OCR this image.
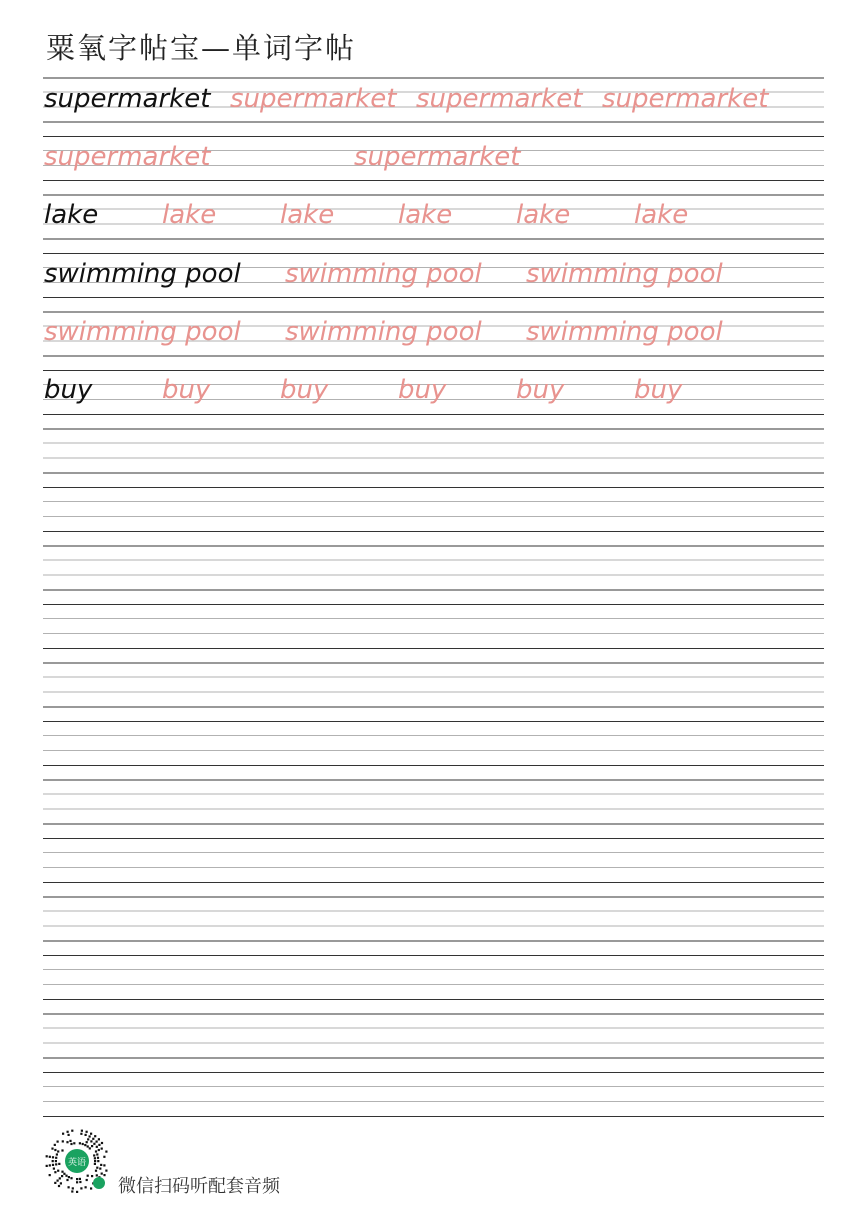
粟氧字帖宝—单词字帖
supermarket supermarket supermarket supermarket
supermarket	supermarket
lake lake lake lake lake lake
swimming pool swimming pool swimming pool
swimming pool swimming pool swimming pool
buy	buy	buy	buy	buy	buy
英语
微信扫码听配套音频
